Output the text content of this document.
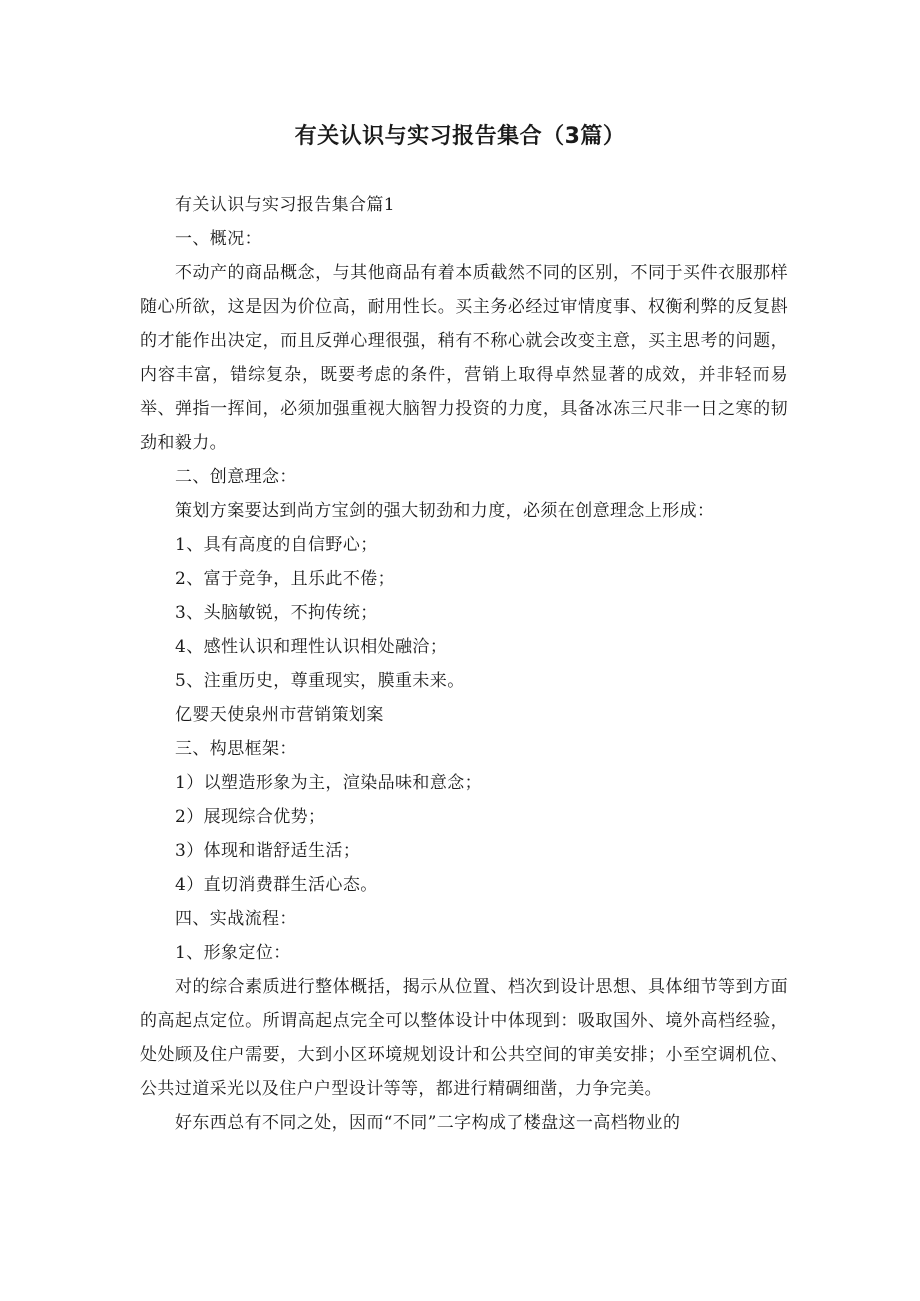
有关认识与实习报告集合（3篇）
有关认识与实习报告集合篇1
一、概况：
不动产的商品概念，与其他商品有着本质截然不同的区别，不同于买件衣服那样随心所欲，这是因为价位高，耐用性长。买主务必经过审情度事、权衡利弊的反复斟的才能作出决定，而且反弹心理很强，稍有不称心就会改变主意，买主思考的问题，内容丰富，错综复杂，既要考虑的条件，营销上取得卓然显著的成效，并非轻而易举、弹指一挥间，必须加强重视大脑智力投资的力度，具备冰冻三尺非一日之寒的韧劲和毅力。
二、创意理念：
策划方案要达到尚方宝剑的强大韧劲和力度，必须在创意理念上形成：
1、具有高度的自信野心；
2、富于竞争，且乐此不倦；
3、头脑敏锐，不拘传统；
4、感性认识和理性认识相处融洽；
5、注重历史，尊重现实，膜重未来。
亿婴天使泉州市营销策划案
三、构思框架：
1）以塑造形象为主，渲染品味和意念；
2）展现综合优势；
3）体现和谐舒适生活；
4）直切消费群生活心态。
四、实战流程：
1、形象定位：
对的综合素质进行整体概括，揭示从位置、档次到设计思想、具体细节等到方面的高起点定位。所谓高起点完全可以整体设计中体现到：吸取国外、境外高档经验，处处顾及住户需要，大到小区环境规划设计和公共空间的审美安排；小至空调机位、公共过道采光以及住户户型设计等等，都进行精碉细凿，力争完美。
好东西总有不同之处，因而“不同”二字构成了楼盘这一高档物业的
